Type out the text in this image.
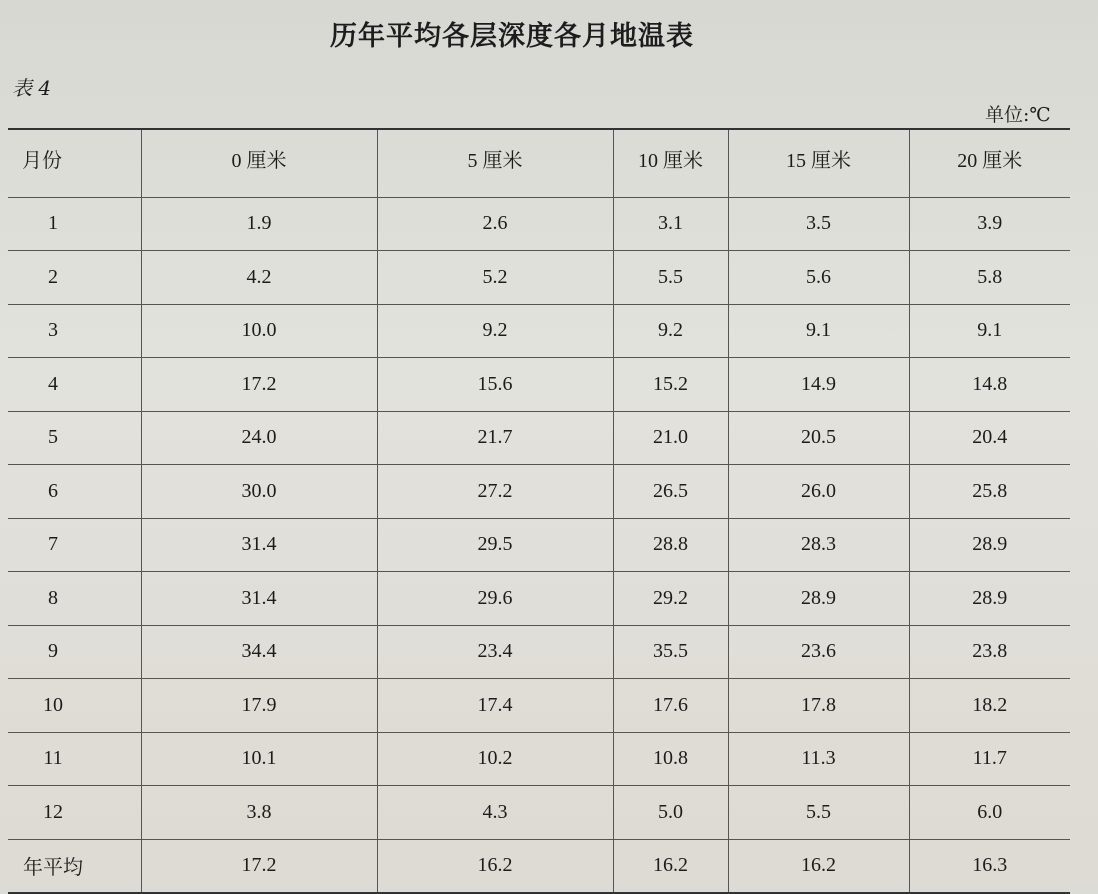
历年平均各层深度各月地温表
表 4
单位:℃
月份	0 厘米	5 厘米	10 厘米	15 厘米	20 厘米
1	1.9	2.6	3.1	3.5	3.9
2	4.2	5.2	5.5	5.6	5.8
3	10.0	9.2	9.2	9.1	9.1
4	17.2	15.6	15.2	14.9	14.8
5	24.0	21.7	21.0	20.5	20.4
6	30.0	27.2	26.5	26.0	25.8
7	31.4	29.5	28.8	28.3	28.9
8	31.4	29.6	29.2	28.9	28.9
9	34.4	23.4	35.5	23.6	23.8
10	17.9	17.4	17.6	17.8	18.2
11	10.1	10.2	10.8	11.3	11.7
12	3.8	4.3	5.0	5.5	6.0
年平均	17.2	16.2	16.2	16.2	16.3
